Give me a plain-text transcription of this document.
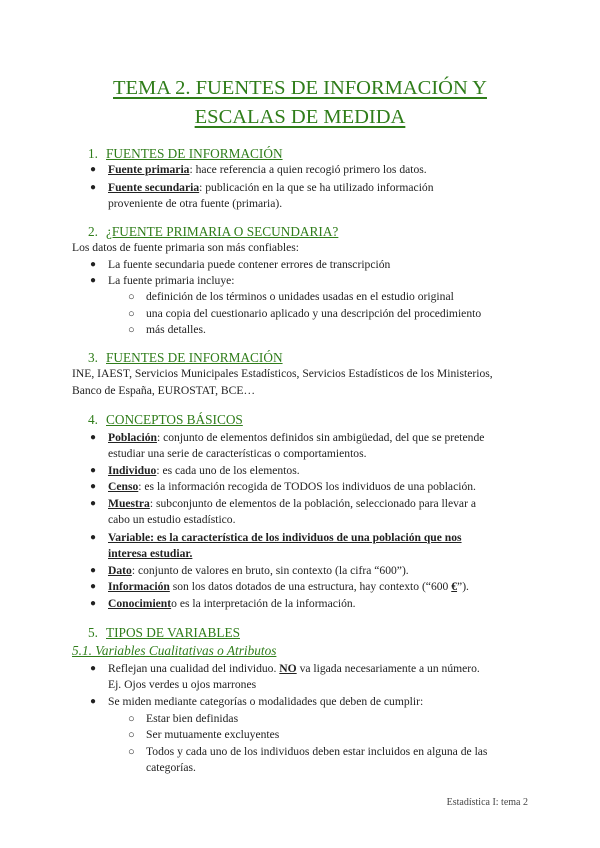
TEMA 2. FUENTES DE INFORMACIÓN Y
ESCALAS DE MEDIDA
1. FUENTES DE INFORMACIÓN
● Fuente primaria: hace referencia a quien recogió primero los datos.
● Fuente secundaria: publicación en la que se ha utilizado información
proveniente de otra fuente (primaria).
2. ¿FUENTE PRIMARIA O SECUNDARIA?
Los datos de fuente primaria son más confiables:
● La fuente secundaria puede contener errores de transcripción
● La fuente primaria incluye:
○ definición de los términos o unidades usadas en el estudio original
○ una copia del cuestionario aplicado y una descripción del procedimiento
○ más detalles.
3. FUENTES DE INFORMACIÓN
INE, IAEST, Servicios Municipales Estadísticos, Servicios Estadísticos de los Ministerios,
Banco de España, EUROSTAT, BCE…
4. CONCEPTOS BÁSICOS
● Población: conjunto de elementos definidos sin ambigüedad, del que se pretende
estudiar una serie de características o comportamientos.
● Individuo: es cada uno de los elementos.
● Censo: es la información recogida de TODOS los individuos de una población.
● Muestra: subconjunto de elementos de la población, seleccionado para llevar a
cabo un estudio estadístico.
● Variable: es la característica de los individuos de una población que nos
interesa estudiar.
● Dato: conjunto de valores en bruto, sin contexto (la cifra “600”).
● Información son los datos dotados de una estructura, hay contexto (“600 €”).
● Conocimiento es la interpretación de la información.
5. TIPOS DE VARIABLES
5.1. Variables Cualitativas o Atributos
● Reflejan una cualidad del individuo. NO va ligada necesariamente a un número.
Ej. Ojos verdes u ojos marrones
● Se miden mediante categorías o modalidades que deben de cumplir:
○ Estar bien definidas
○ Ser mutuamente excluyentes
○ Todos y cada uno de los individuos deben estar incluidos en alguna de las
categorías.
Estadística I: tema 2
